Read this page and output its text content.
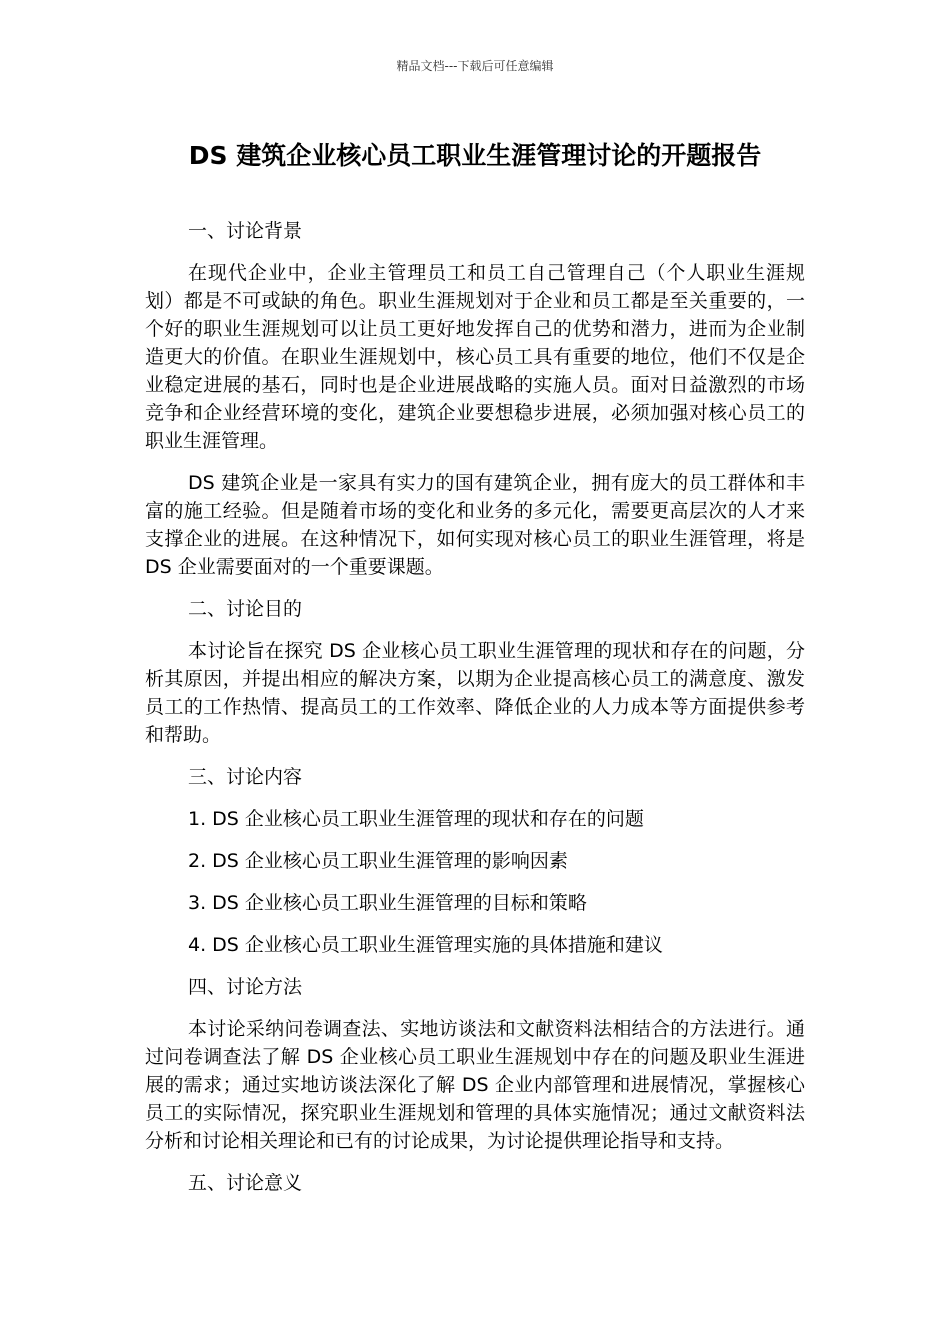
精品文档---下载后可任意编辑
DS 建筑企业核心员工职业生涯管理讨论的开题报告

一、讨论背景

在现代企业中，企业主管理员工和员工自己管理自己（个人职业生涯规划）都是不可或缺的角色。职业生涯规划对于企业和员工都是至关重要的，一个好的职业生涯规划可以让员工更好地发挥自己的优势和潜力，进而为企业制造更大的价值。在职业生涯规划中，核心员工具有重要的地位，他们不仅是企业稳定进展的基石，同时也是企业进展战略的实施人员。面对日益激烈的市场竞争和企业经营环境的变化，建筑企业要想稳步进展，必须加强对核心员工的职业生涯管理。

DS 建筑企业是一家具有实力的国有建筑企业，拥有庞大的员工群体和丰富的施工经验。但是随着市场的变化和业务的多元化，需要更高层次的人才来支撑企业的进展。在这种情况下，如何实现对核心员工的职业生涯管理，将是 DS 企业需要面对的一个重要课题。

二、讨论目的

本讨论旨在探究 DS 企业核心员工职业生涯管理的现状和存在的问题，分析其原因，并提出相应的解决方案，以期为企业提高核心员工的满意度、激发员工的工作热情、提高员工的工作效率、降低企业的人力成本等方面提供参考和帮助。

三、讨论内容

1. DS 企业核心员工职业生涯管理的现状和存在的问题

2. DS 企业核心员工职业生涯管理的影响因素

3. DS 企业核心员工职业生涯管理的目标和策略

4. DS 企业核心员工职业生涯管理实施的具体措施和建议

四、讨论方法

本讨论采纳问卷调查法、实地访谈法和文献资料法相结合的方法进行。通过问卷调查法了解 DS 企业核心员工职业生涯规划中存在的问题及职业生涯进展的需求；通过实地访谈法深化了解 DS 企业内部管理和进展情况，掌握核心员工的实际情况，探究职业生涯规划和管理的具体实施情况；通过文献资料法分析和讨论相关理论和已有的讨论成果，为讨论提供理论指导和支持。

五、讨论意义
